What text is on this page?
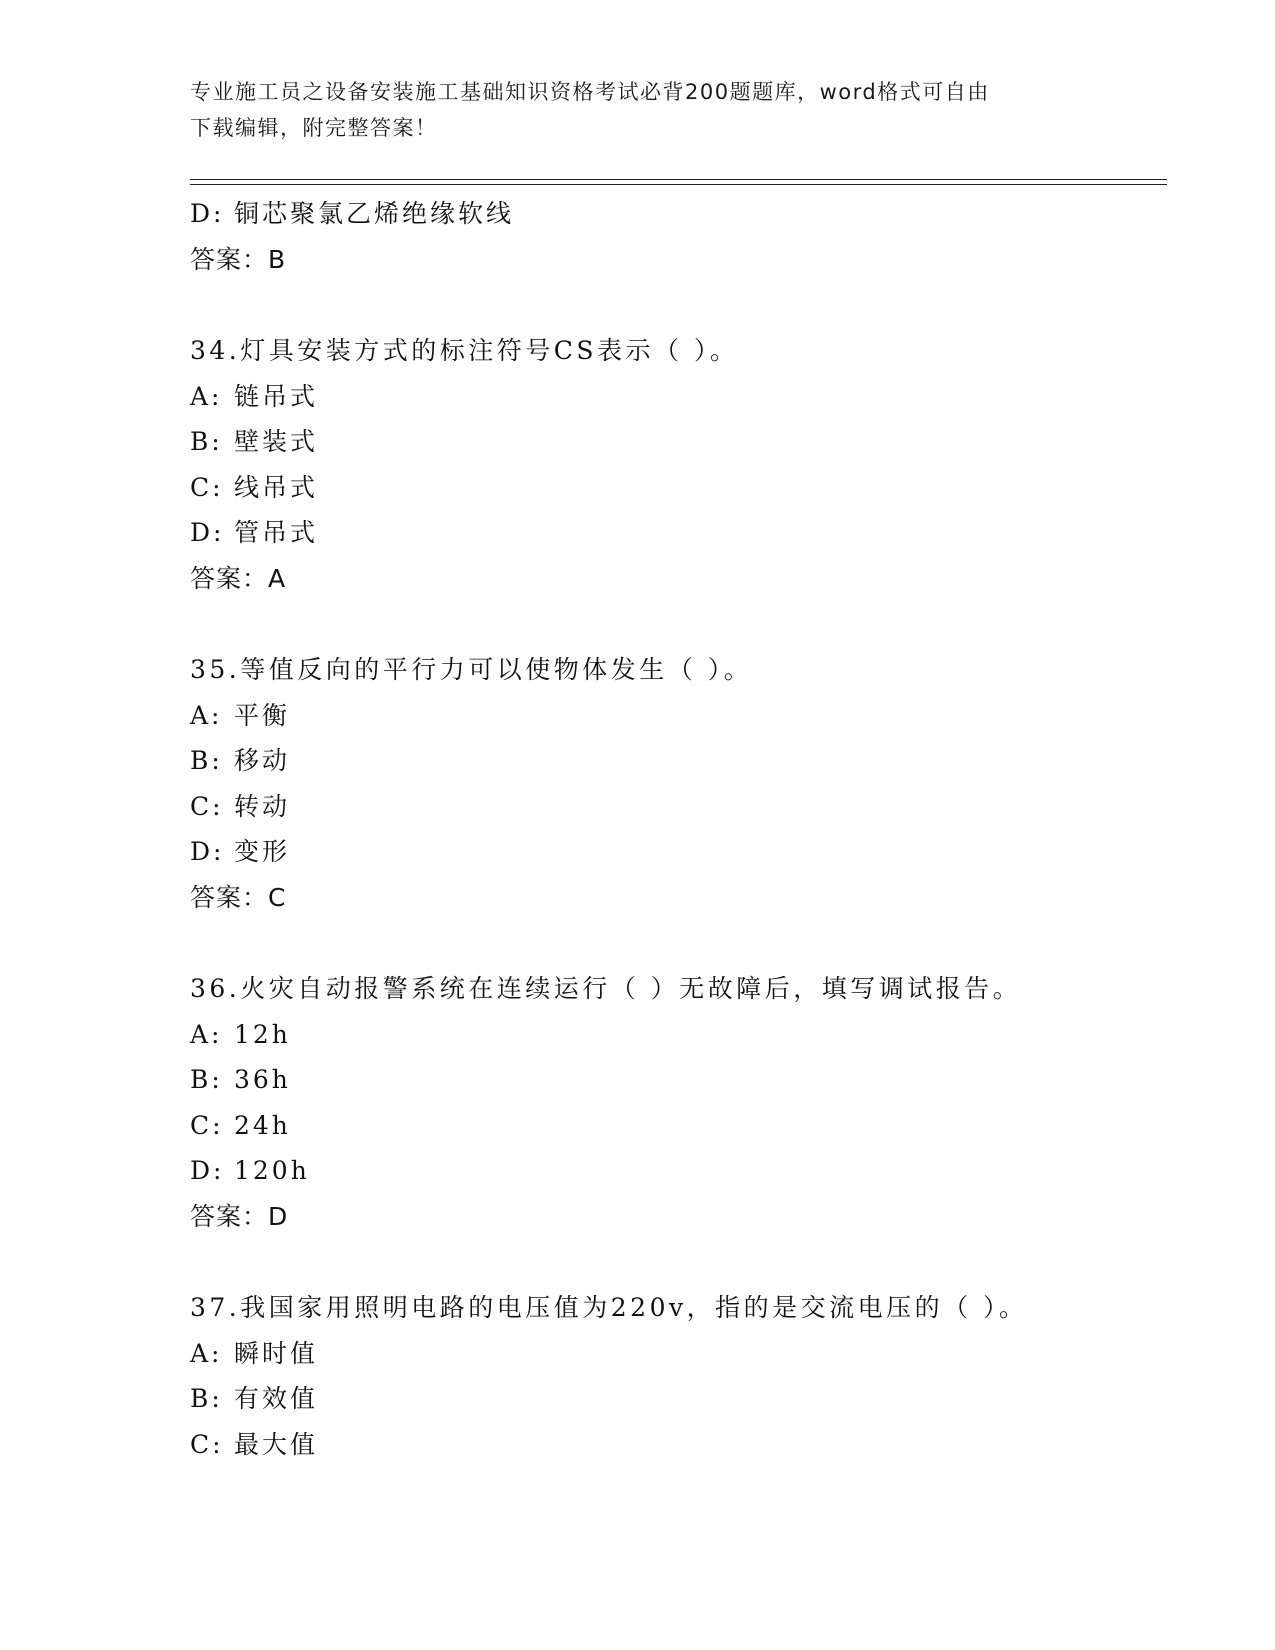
专业施工员之设备安装施工基础知识资格考试必背200题题库，word格式可自由
下载编辑，附完整答案！
D: 铜芯聚氯乙烯绝缘软线
答案：B
34.灯具安装方式的标注符号CS表示（ ）。
A: 链吊式
B: 壁装式
C: 线吊式
D: 管吊式
答案：A
35.等值反向的平行力可以使物体发生（ ）。
A: 平衡
B: 移动
C: 转动
D: 变形
答案：C
36.火灾自动报警系统在连续运行（ ）无故障后，填写调试报告。
A: 12h
B: 36h
C: 24h
D: 120h
答案：D
37.我国家用照明电路的电压值为220v，指的是交流电压的（ ）。
A: 瞬时值
B: 有效值
C: 最大值
